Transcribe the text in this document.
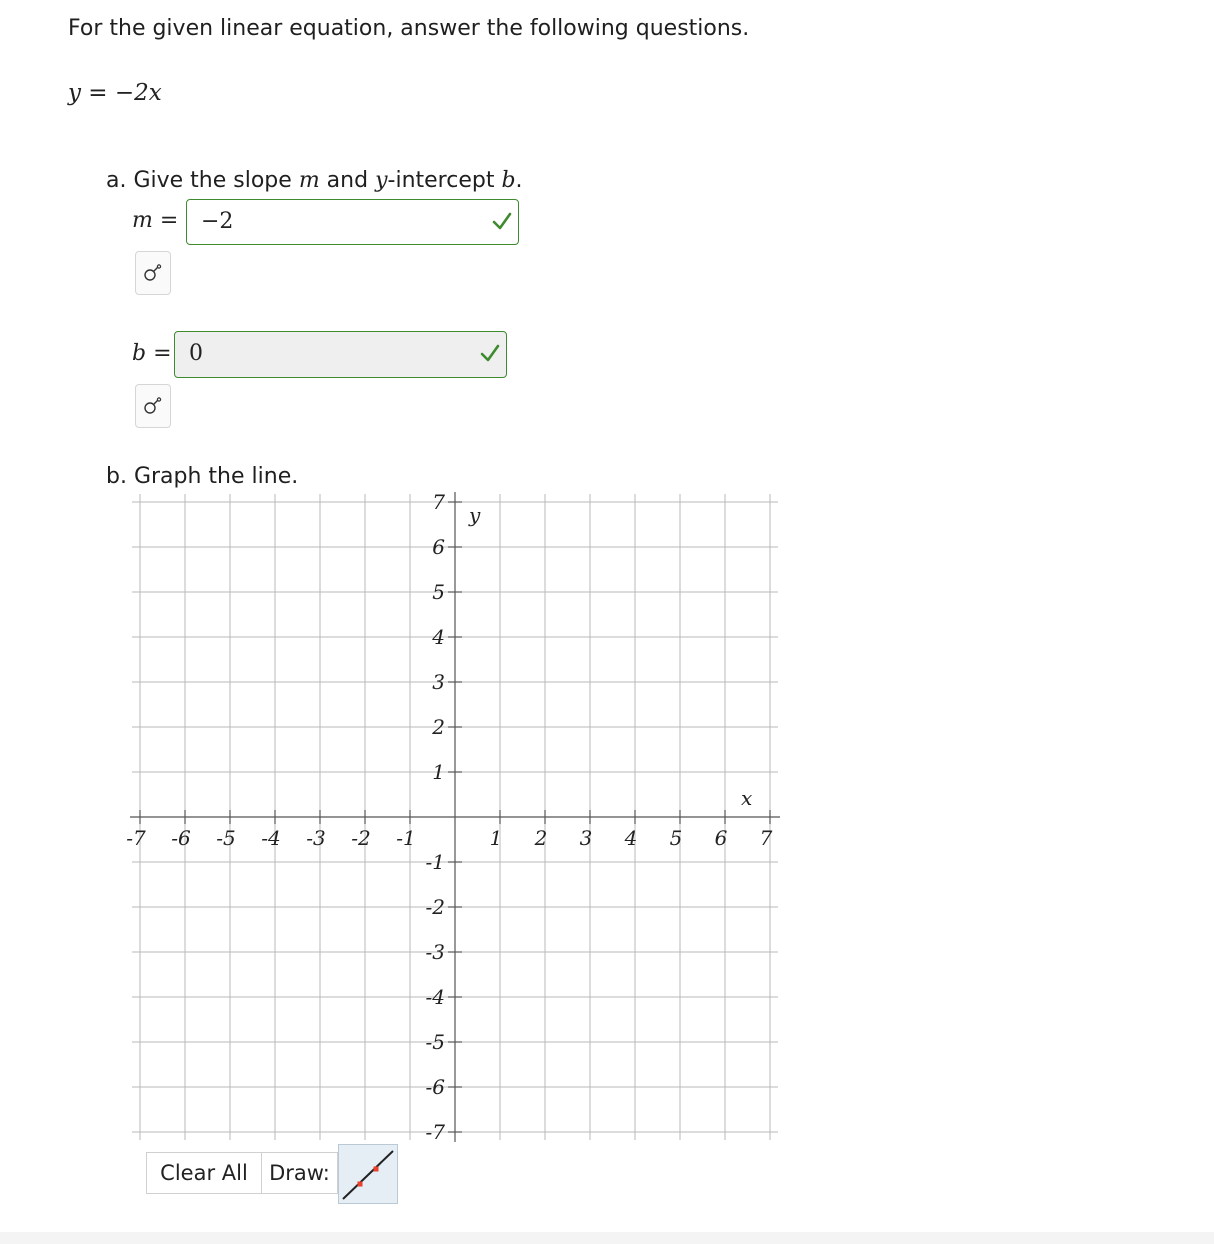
For the given linear equation, answer the following questions.
y = −2x
a. Give the slope m and y-intercept b.
m =	−2
b = 0
b. Graph the line.
-7 -6 -5 -4 -3 -2 -1	1 2 3 4 5 6 7
7
6
5
4
3
2
1
-1
-2
-3
-4
-5
-6
-7
x
y
Clear All	Draw:
